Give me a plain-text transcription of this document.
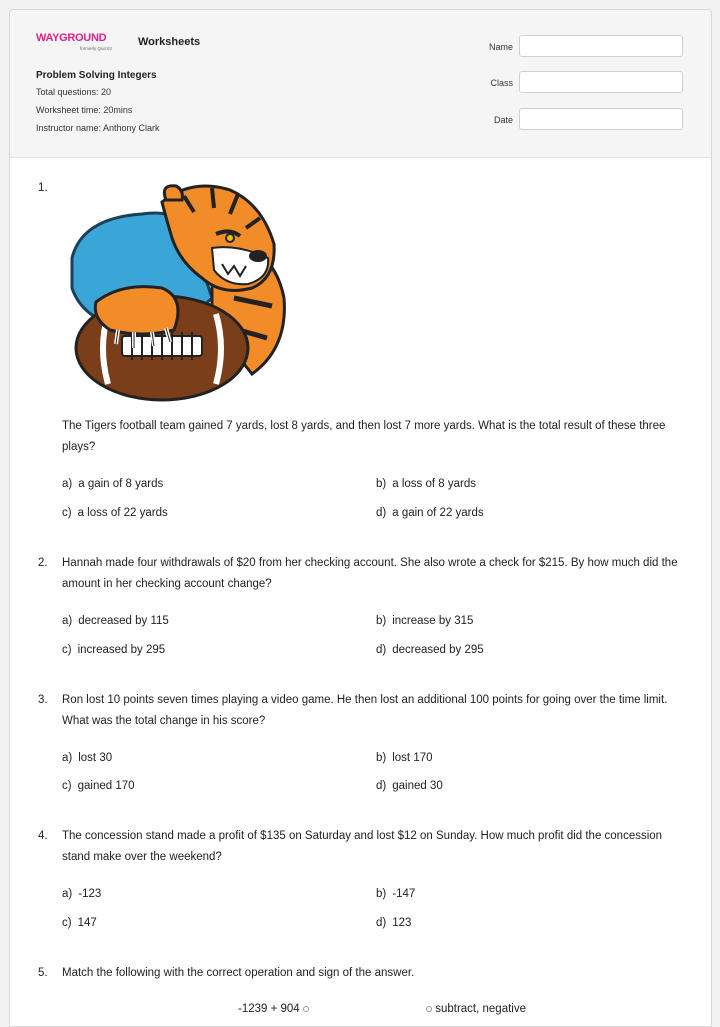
WAYGROUND
formerly Quizizz
Worksheets
Problem Solving Integers
Total questions: 20
Worksheet time: 20mins
Instructor name: Anthony Clark
Name
Class
Date
1.
The Tigers football team gained 7 yards, lost 8 yards, and then lost 7 more yards. What is the total result of these three plays?
a) a gain of 8 yards	b) a loss of 8 yards
c) a loss of 22 yards	d) a gain of 22 yards
2. Hannah made four withdrawals of $20 from her checking account. She also wrote a check for $215. By how much did the amount in her checking account change?
a) decreased by 115	b) increase by 315
c) increased by 295	d) decreased by 295
3. Ron lost 10 points seven times playing a video game. He then lost an additional 100 points for going over the time limit. What was the total change in his score?
a) lost 30	b) lost 170
c) gained 170	d) gained 30
4. The concession stand made a profit of $135 on Saturday and lost $12 on Sunday. How much profit did the concession stand make over the weekend?
a) -123	b) -147
c) 147	d) 123
5. Match the following with the correct operation and sign of the answer.
-1239 + 904	subtract, negative
